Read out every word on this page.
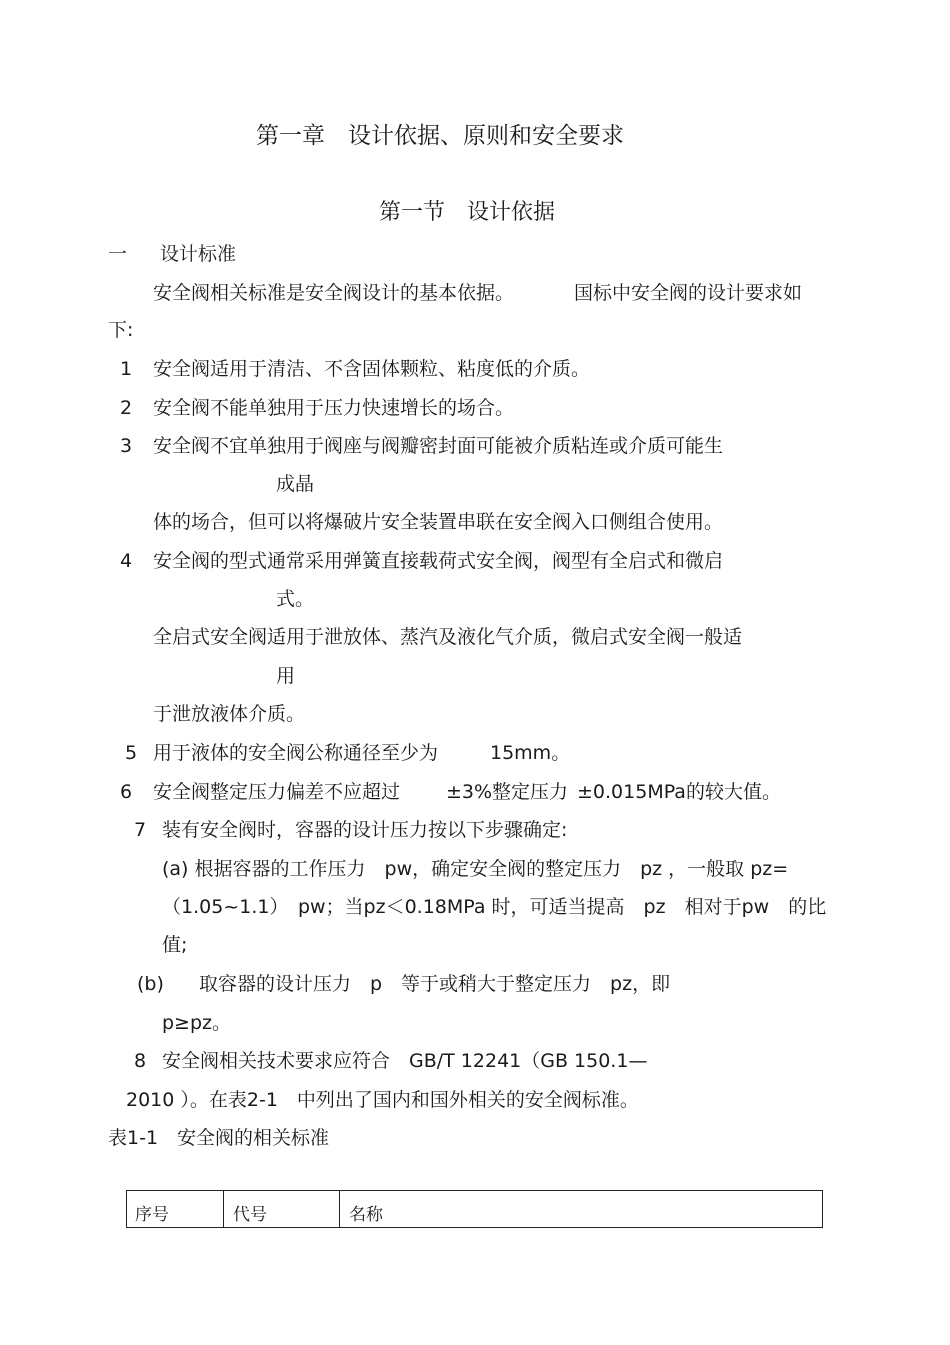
第一章　设计依据、原则和安全要求
第一节　设计依据
一 设计标准
安全阀相关标准是安全阀设计的基本依据。	国标中安全阀的设计要求如
下:
1 安全阀适用于清洁、不含固体颗粒、粘度低的介质。
2 安全阀不能单独用于压力快速增长的场合。
3 安全阀不宜单独用于阀座与阀瓣密封面可能被介质粘连或介质可能生
成晶
体的场合，但可以将爆破片安全装置串联在安全阀入口侧组合使用。
4 安全阀的型式通常采用弹簧直接载荷式安全阀，阀型有全启式和微启
式。
全启式安全阀适用于泄放体、蒸汽及液化气介质，微启式安全阀一般适
用
于泄放液体介质。
5 用于液体的安全阀公称通径至少为	15mm。
6 安全阀整定压力偏差不应超过 ±3%整定压力 ±0.015MPa的较大值。
7 装有安全阀时，容器的设计压力按以下步骤确定:
(a) 根据容器的工作压力　pw，确定安全阀的整定压力　pz ，一般取 pz=
（1.05~1.1）　pw；当pz＜0.18MPa 时，可适当提高　pz　相对于pw　的比
值;
(b) 取容器的设计压力　p　等于或稍大于整定压力　pz，即
p≥pz。
8 安全阀相关技术要求应符合　GB/T 12241（GB 150.1—
2010 ）。在表2-1　中列出了国内和国外相关的安全阀标准。
表1-1　安全阀的相关标准
序号	代号	名称
